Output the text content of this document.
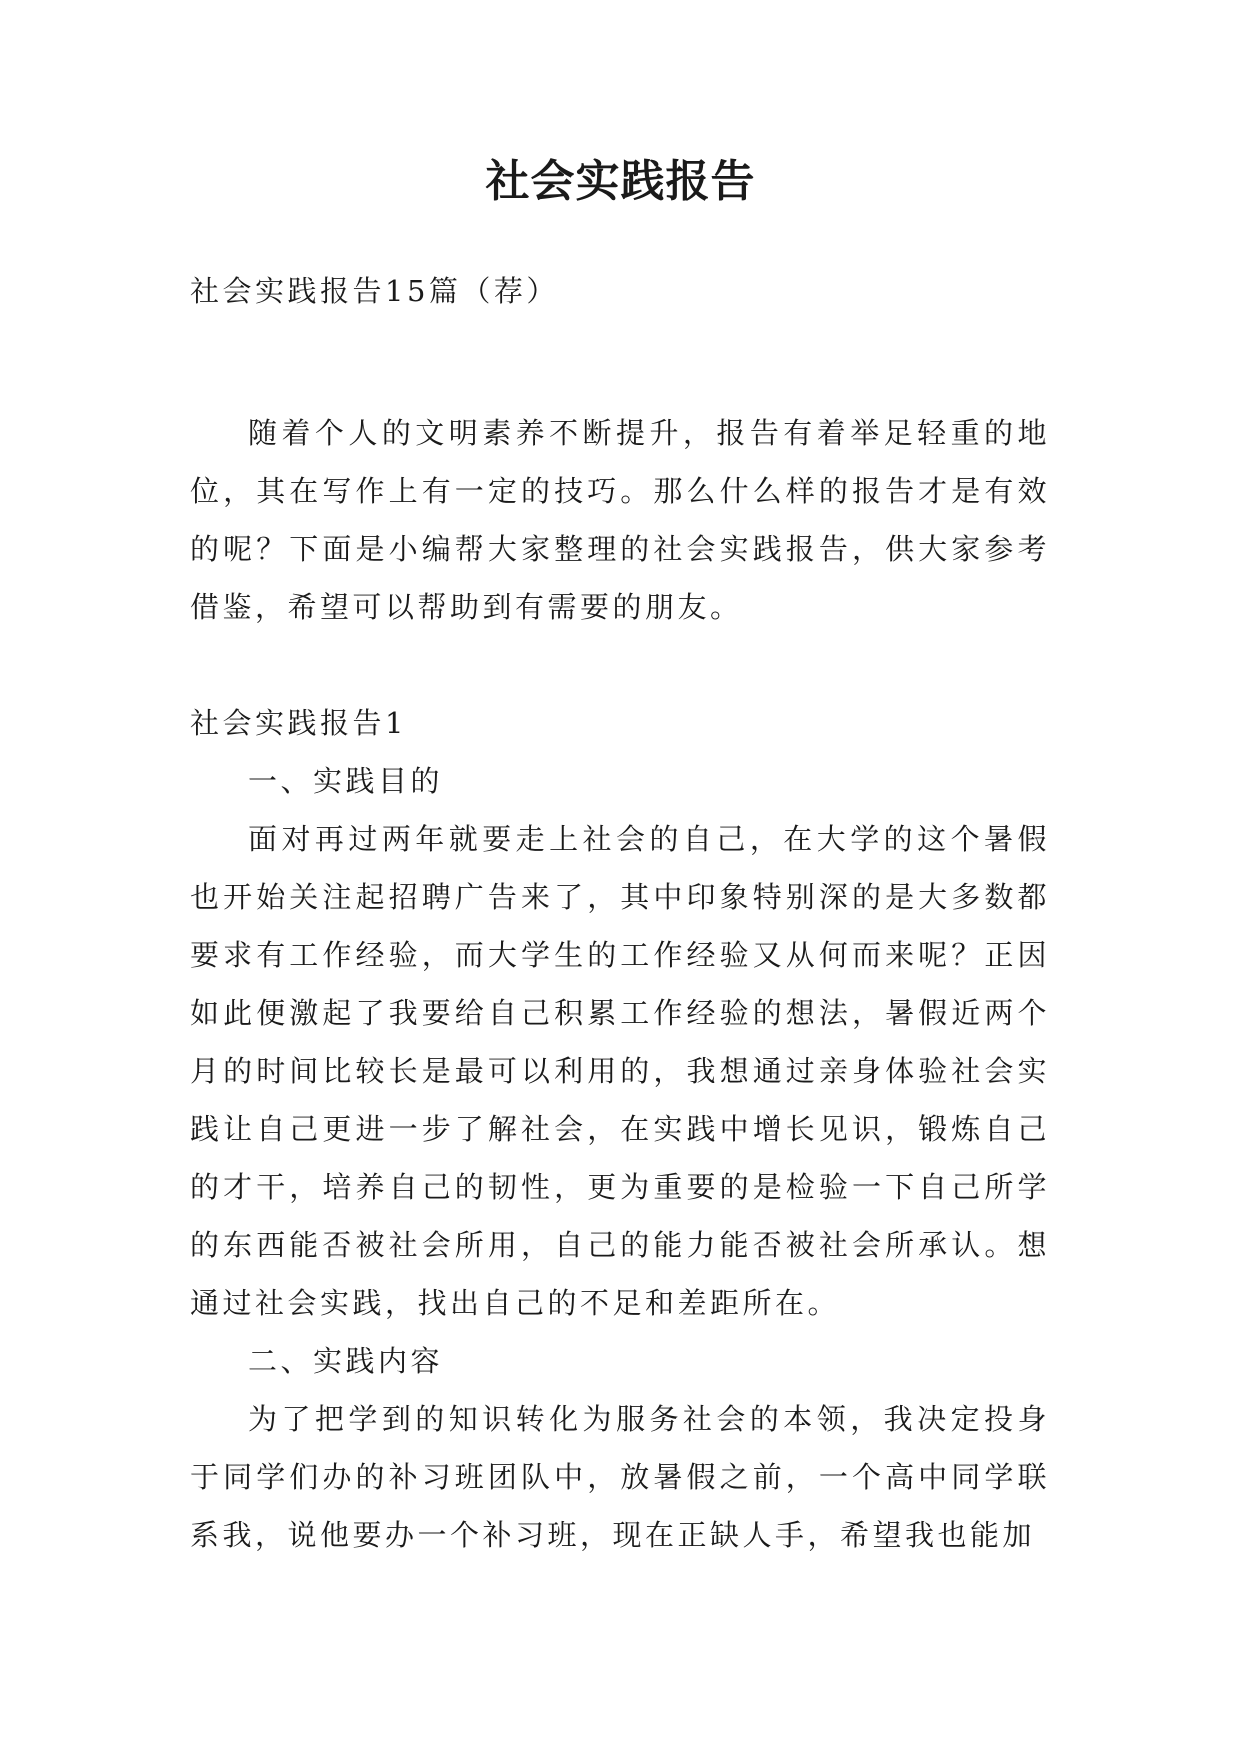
社会实践报告

社会实践报告15篇（荐）

随着个人的文明素养不断提升，报告有着举足轻重的地位，其在写作上有一定的技巧。那么什么样的报告才是有效的呢？下面是小编帮大家整理的社会实践报告，供大家参考借鉴，希望可以帮助到有需要的朋友。

社会实践报告1

一、实践目的

面对再过两年就要走上社会的自己，在大学的这个暑假也开始关注起招聘广告来了，其中印象特别深的是大多数都要求有工作经验，而大学生的工作经验又从何而来呢？正因如此便激起了我要给自己积累工作经验的想法，暑假近两个月的时间比较长是最可以利用的，我想通过亲身体验社会实践让自己更进一步了解社会，在实践中增长见识，锻炼自己的才干，培养自己的韧性，更为重要的是检验一下自己所学的东西能否被社会所用，自己的能力能否被社会所承认。想通过社会实践，找出自己的不足和差距所在。

二、实践内容

为了把学到的知识转化为服务社会的本领，我决定投身于同学们办的补习班团队中，放暑假之前，一个高中同学联系我，说他要办一个补习班，现在正缺人手，希望我也能加
